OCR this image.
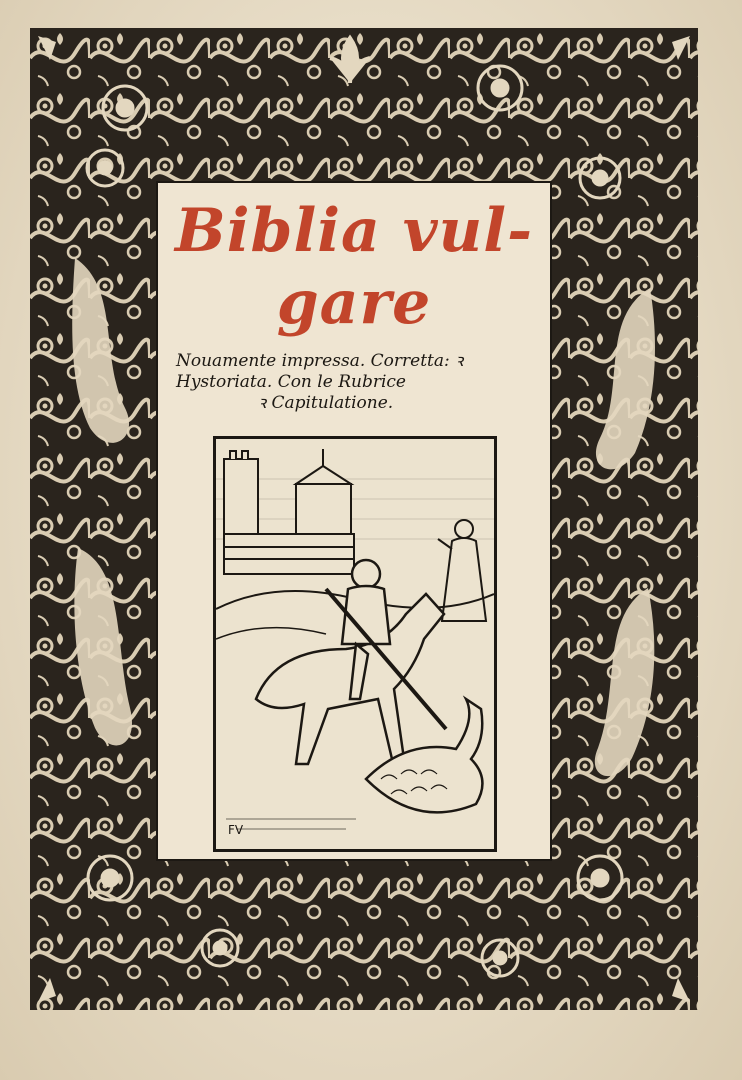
Biblia vul-
gare
Nouamente impressa. Corretta: ꝛ
Hystoriata. Con le Rubrice
ꝛ Capitulatione.
FV
